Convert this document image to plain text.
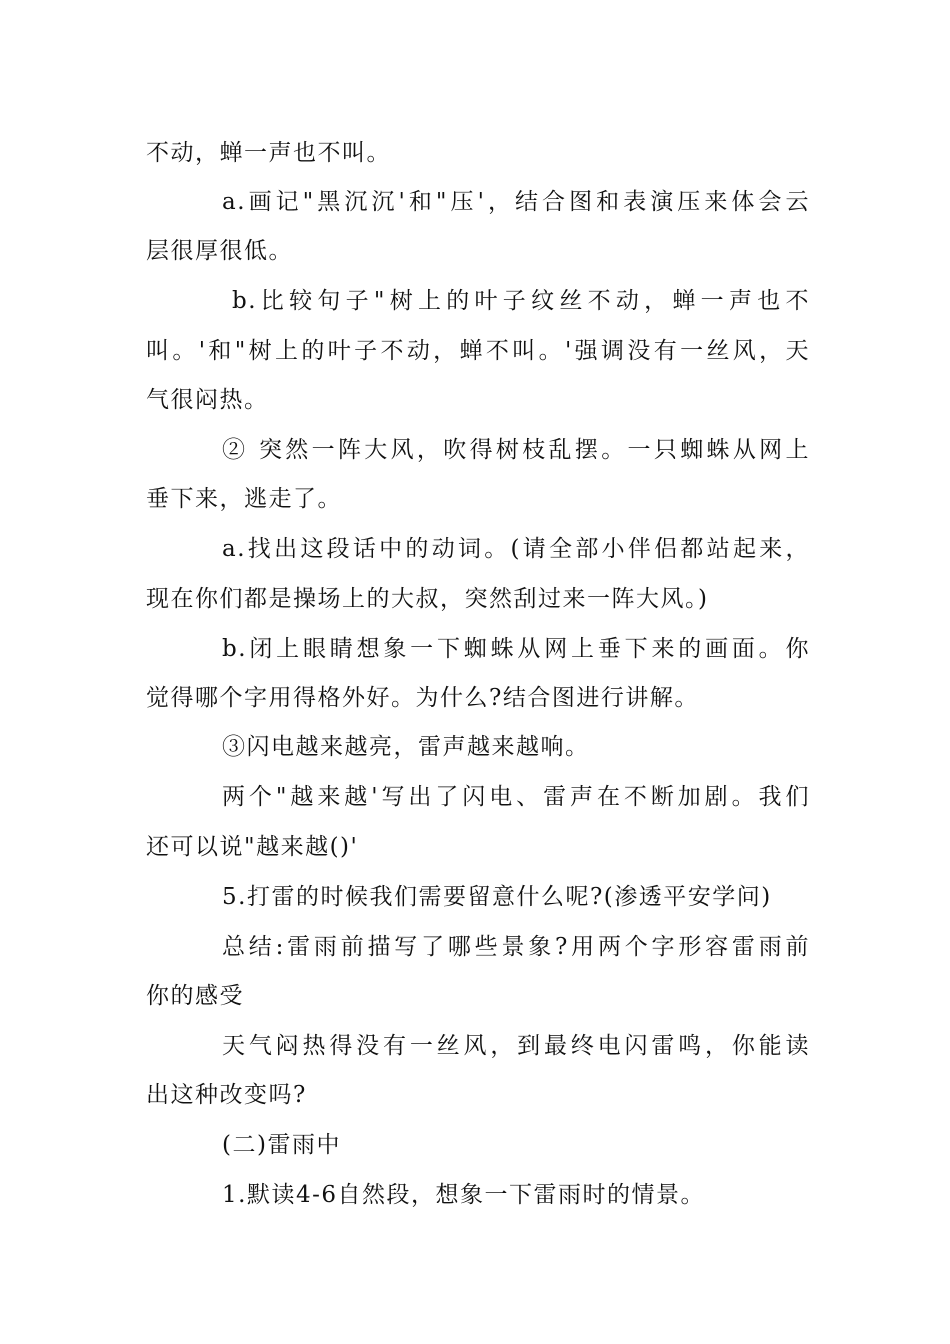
不动，蝉一声也不叫。
a.画记"黑沉沉'和"压'，结合图和表演压来体会云
层很厚很低。
b.比较句子"树上的叶子纹丝不动，蝉一声也不
叫。'和"树上的叶子不动，蝉不叫。'强调没有一丝风，天
气很闷热。
② 突然一阵大风，吹得树枝乱摆。一只蜘蛛从网上
垂下来，逃走了。
a.找出这段话中的动词。(请全部小伴侣都站起来，
现在你们都是操场上的大叔，突然刮过来一阵大风。)
b.闭上眼睛想象一下蜘蛛从网上垂下来的画面。你
觉得哪个字用得格外好。为什么?结合图进行讲解。
③闪电越来越亮，雷声越来越响。
两个"越来越'写出了闪电、雷声在不断加剧。我们
还可以说"越来越()'
5.打雷的时候我们需要留意什么呢?(渗透平安学问)
总结:雷雨前描写了哪些景象?用两个字形容雷雨前
你的感受
天气闷热得没有一丝风，到最终电闪雷鸣，你能读
出这种改变吗?
(二)雷雨中
1.默读4-6自然段，想象一下雷雨时的情景。
